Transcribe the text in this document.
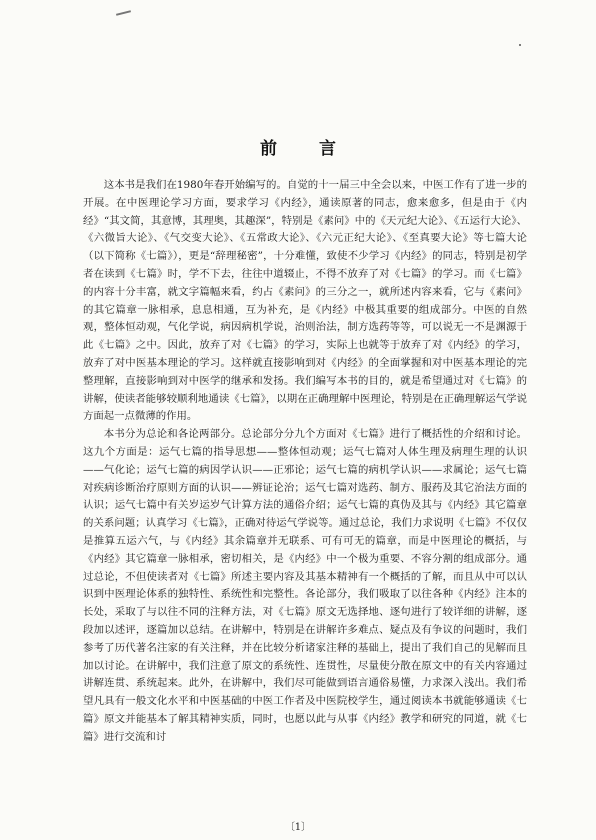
前 言

这本书是我们在1980年春开始编写的。自觉的十一届三中全会以来，中医工作有了进一步的开展。在中医理论学习方面，要求学习《内经》，通读原著的同志，愈来愈多，但是由于《内经》“其文简，其意博，其理奥，其趣深”，特别是《素问》中的《天元纪大论》、《五运行大论》、《六微旨大论》、《气交变大论》、《五常政大论》、《六元正纪大论》、《至真要大论》等七篇大论（以下简称《七篇》），更是“辞理秘密”，十分难懂，致使不少学习《内经》的同志，特别是初学者在读到《七篇》时，学不下去，往往中道辍止，不得不放弃了对《七篇》的学习。而《七篇》的内容十分丰富，就文字篇幅来看，约占《素问》的三分之一，就所述内容来看，它与《素问》的其它篇章一脉相承，息息相通，互为补充，是《内经》中极其重要的组成部分。中医的自然观，整体恒动观，气化学说，病因病机学说，治则治法，制方选药等等，可以说无一不是渊源于此《七篇》之中。因此，放弃了对《七篇》的学习，实际上也就等于放弃了对《内经》的学习，放弃了对中医基本理论的学习。这样就直接影响到对《内经》的全面掌握和对中医基本理论的完整理解，直接影响到对中医学的继承和发扬。我们编写本书的目的，就是希望通过对《七篇》的讲解，使读者能够较顺利地通读《七篇》，以期在正确理解中医理论，特别是在正确理解运气学说方面起一点微薄的作用。

本书分为总论和各论两部分。总论部分分九个方面对《七篇》进行了概括性的介绍和讨论。这九个方面是：运气七篇的指导思想——整体恒动观；运气七篇对人体生理及病理生理的认识——气化论；运气七篇的病因学认识——正邪论；运气七篇的病机学认识——求属论；运气七篇对疾病诊断治疗原则方面的认识——辨证论治；运气七篇对选药、制方、服药及其它治法方面的认识；运气七篇中有关岁运岁气计算方法的通俗介绍；运气七篇的真伪及其与《内经》其它篇章的关系问题；认真学习《七篇》，正确对待运气学说等。通过总论，我们力求说明《七篇》不仅仅是推算五运六气，与《内经》其余篇章并无联系、可有可无的篇章，而是中医理论的概括，与《内经》其它篇章一脉相承，密切相关，是《内经》中一个极为重要、不容分割的组成部分。通过总论，不但使读者对《七篇》所述主要内容及其基本精神有一个概括的了解，而且从中可以认识到中医理论体系的独特性、系统性和完整性。各论部分，我们吸取了以往各种《内经》注本的长处，采取了与以往不同的注释方法，对《七篇》原文无选择地、逐句进行了较详细的讲解，逐段加以述评，逐篇加以总结。在讲解中，特别是在讲解许多难点、疑点及有争议的问题时，我们参考了历代著名注家的有关注释，并在比较分析诸家注释的基础上，提出了我们自己的见解而且加以讨论。在讲解中，我们注意了原文的系统性、连贯性，尽量使分散在原文中的有关内容通过讲解连贯、系统起来。此外，在讲解中，我们尽可能做到语言通俗易懂，力求深入浅出。我们希望凡具有一般文化水平和中医基础的中医工作者及中医院校学生，通过阅读本书就能够通读《七篇》原文并能基本了解其精神实质，同时，也愿以此与从事《内经》教学和研究的同道，就《七篇》进行交流和讨

〔1〕
